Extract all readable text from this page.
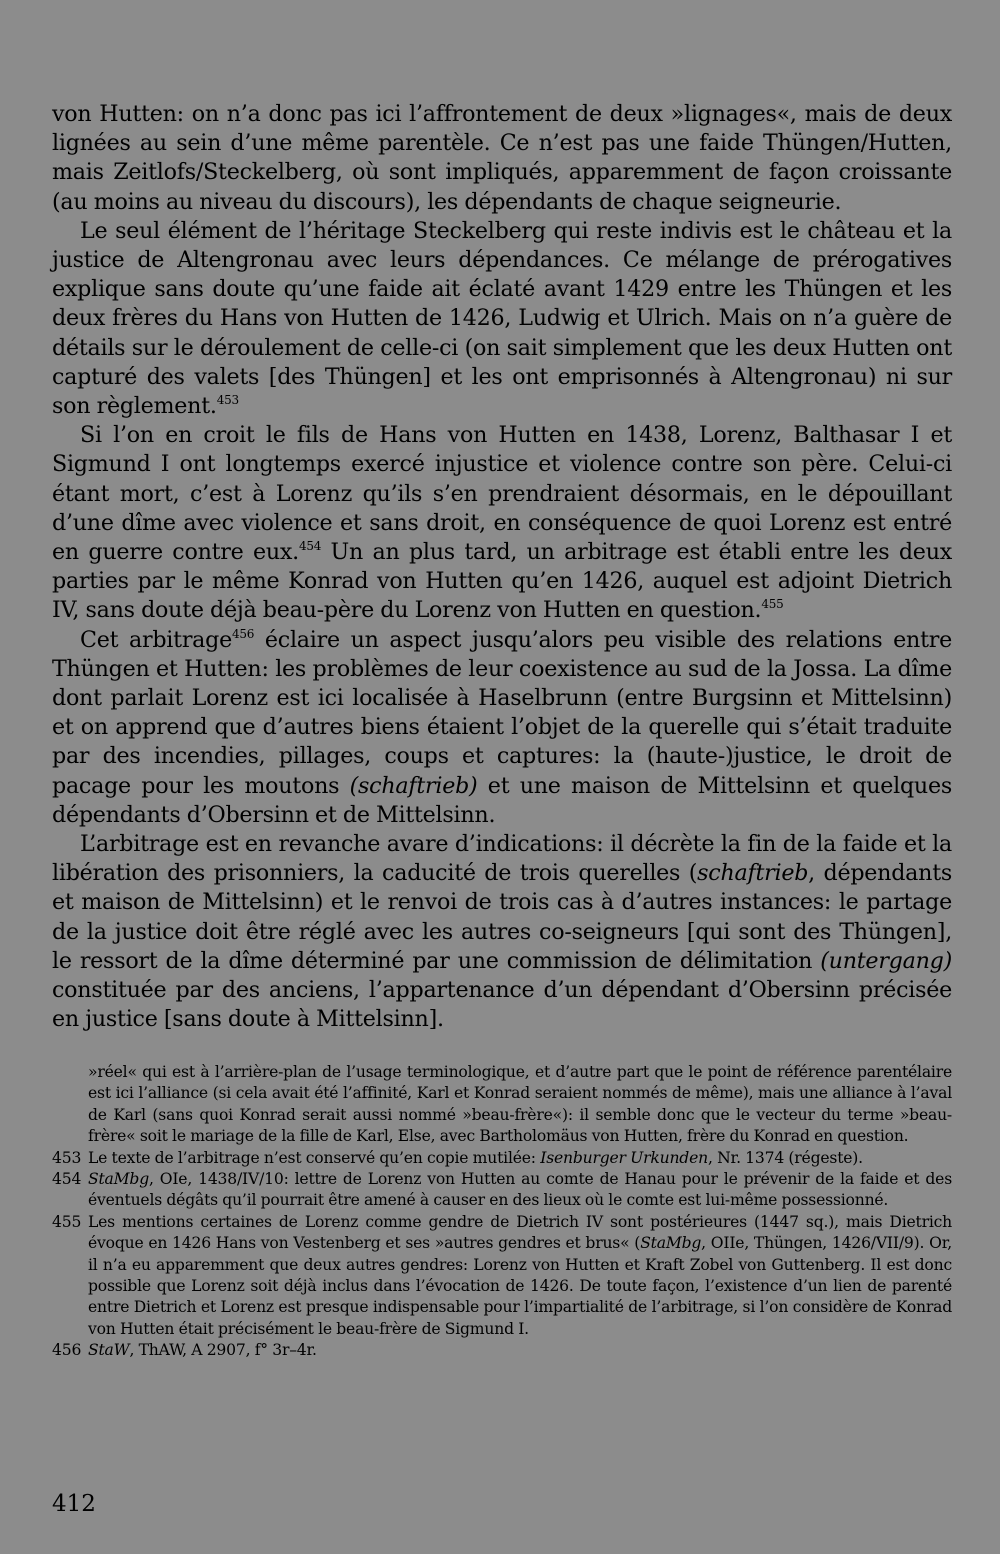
von Hutten: on n’a donc pas ici l’affrontement de deux »lignages«, mais de deux lignées au sein d’une même parentèle. Ce n’est pas une faide Thüngen/Hutten, mais Zeitlofs/Steckelberg, où sont impliqués, apparemment de façon croissante (au moins au niveau du discours), les dépendants de chaque seigneurie.

Le seul élément de l’héritage Steckelberg qui reste indivis est le château et la justice de Altengronau avec leurs dépendances. Ce mélange de prérogatives explique sans doute qu’une faide ait éclaté avant 1429 entre les Thüngen et les deux frères du Hans von Hutten de 1426, Ludwig et Ulrich. Mais on n’a guère de détails sur le déroulement de celle-ci (on sait simplement que les deux Hutten ont capturé des valets [des Thüngen] et les ont emprisonnés à Altengronau) ni sur son règlement.$^{453}$

Si l’on en croit le fils de Hans von Hutten en 1438, Lorenz, Balthasar I et Sigmund I ont longtemps exercé injustice et violence contre son père. Celui-ci étant mort, c’est à Lorenz qu’ils s’en prendraient désormais, en le dépouillant d’une dîme avec violence et sans droit, en conséquence de quoi Lorenz est entré en guerre contre eux.$^{454}$ Un an plus tard, un arbitrage est établi entre les deux parties par le même Konrad von Hutten qu’en 1426, auquel est adjoint Dietrich IV, sans doute déjà beau-père du Lorenz von Hutten en question.$^{455}$

Cet arbitrage$^{456}$ éclaire un aspect jusqu’alors peu visible des relations entre Thüngen et Hutten: les problèmes de leur coexistence au sud de la Jossa. La dîme dont parlait Lorenz est ici localisée à Haselbrunn (entre Burgsinn et Mittelsinn) et on apprend que d’autres biens étaient l’objet de la querelle qui s’était traduite par des incendies, pillages, coups et captures: la (haute-)justice, le droit de pacage pour les moutons (schaftrieb) et une maison de Mittelsinn et quelques dépendants d’Obersinn et de Mittelsinn.

L’arbitrage est en revanche avare d’indications: il décrète la fin de la faide et la libération des prisonniers, la caducité de trois querelles (schaftrieb, dépendants et maison de Mittelsinn) et le renvoi de trois cas à d’autres instances: le partage de la justice doit être réglé avec les autres co-seigneurs [qui sont des Thüngen], le ressort de la dîme déterminé par une commission de délimitation (untergang) constituée par des anciens, l’appartenance d’un dépendant d’Obersinn précisée en justice [sans doute à Mittelsinn].

»réel« qui est à l’arrière-plan de l’usage terminologique, et d’autre part que le point de référence parentélaire est ici l’alliance (si cela avait été l’affinité, Karl et Konrad seraient nommés de même), mais une alliance à l’aval de Karl (sans quoi Konrad serait aussi nommé »beau-frère«): il semble donc que le vecteur du terme »beau-frère« soit le mariage de la fille de Karl, Else, avec Bartholomäus von Hutten, frère du Konrad en question.

453 Le texte de l’arbitrage n’est conservé qu’en copie mutilée: Isenburger Urkunden, Nr. 1374 (régeste).
454 StaMbg, OIe, 1438/IV/10: lettre de Lorenz von Hutten au comte de Hanau pour le prévenir de la faide et des éventuels dégâts qu’il pourrait être amené à causer en des lieux où le comte est lui-même possessionné.
455 Les mentions certaines de Lorenz comme gendre de Dietrich IV sont postérieures (1447 sq.), mais Dietrich évoque en 1426 Hans von Vestenberg et ses »autres gendres et brus« (StaMbg, OIIe, Thüngen, 1426/VII/9). Or, il n’a eu apparemment que deux autres gendres: Lorenz von Hutten et Kraft Zobel von Guttenberg. Il est donc possible que Lorenz soit déjà inclus dans l’évocation de 1426. De toute façon, l’existence d’un lien de parenté entre Dietrich et Lorenz est presque indispensable pour l’impartialité de l’arbitrage, si l’on considère de Konrad von Hutten était précisément le beau-frère de Sigmund I.
456 StaW, ThAW, A 2907, f° 3r–4r.
412
